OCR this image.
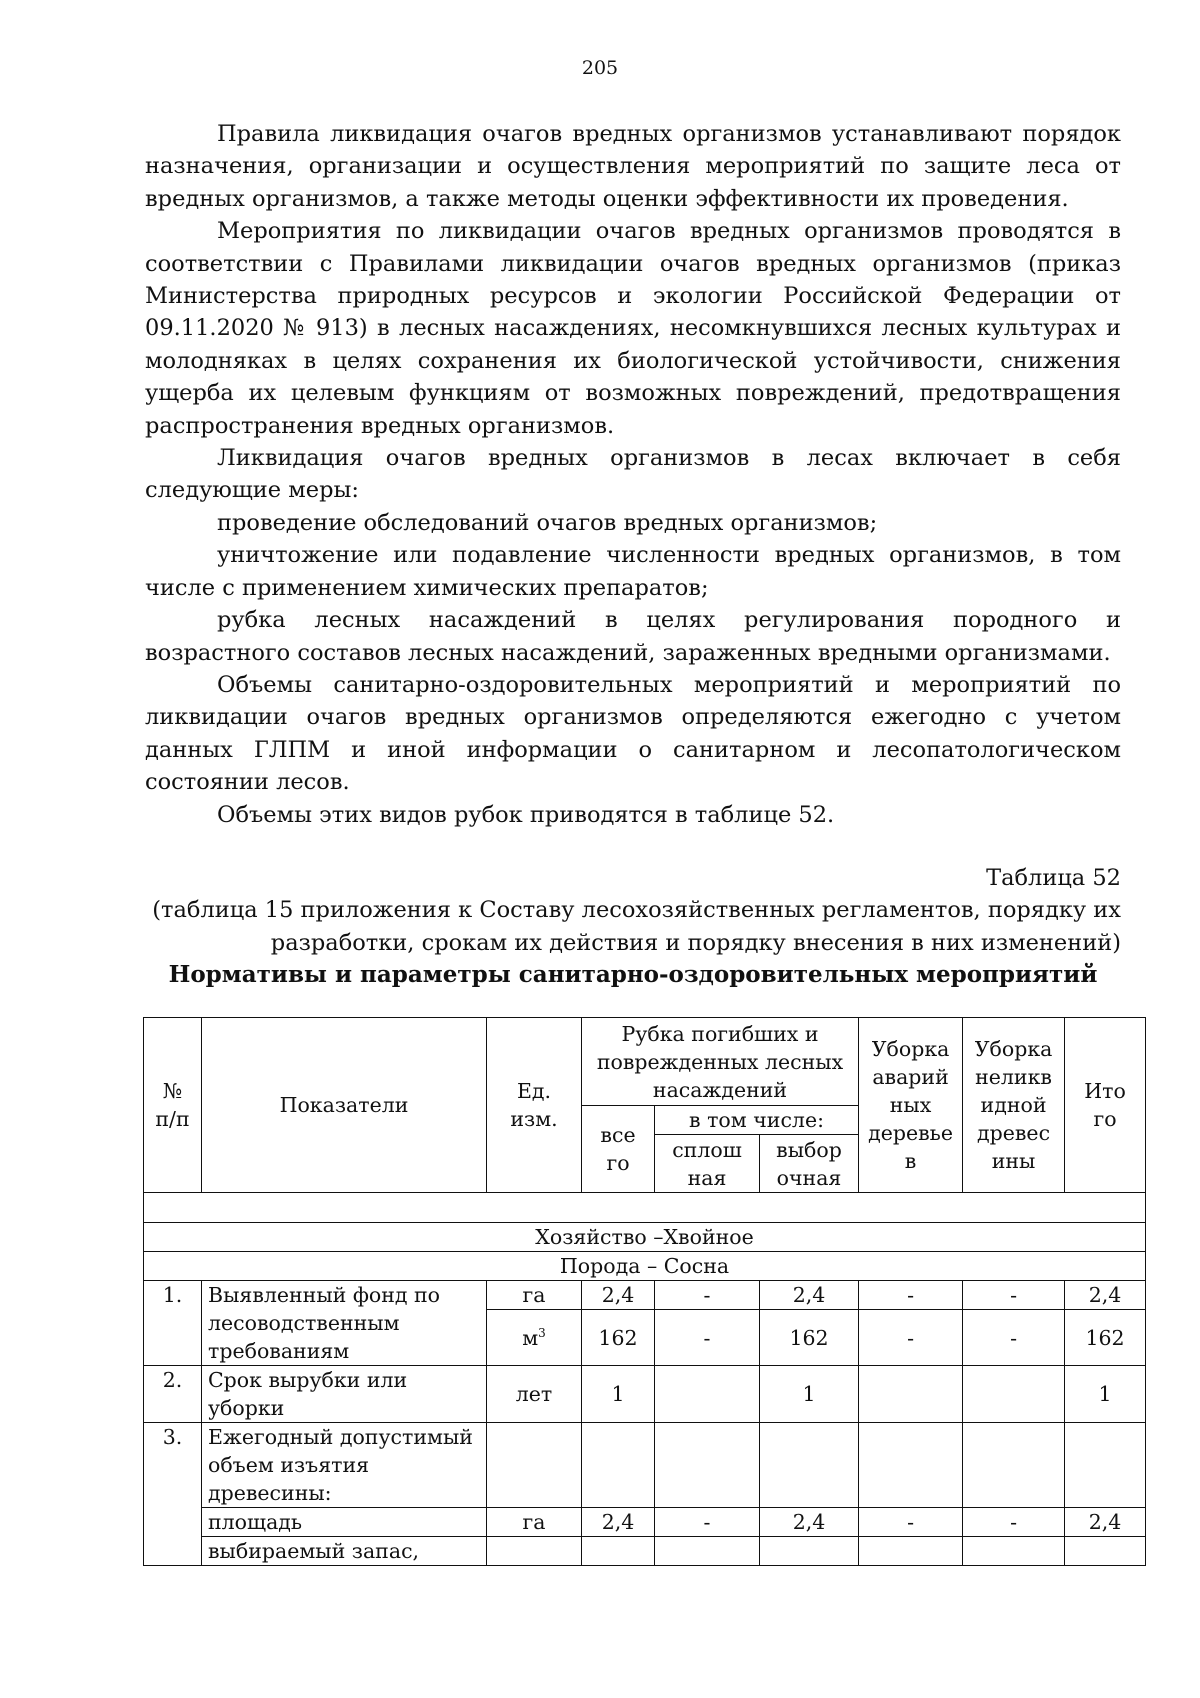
205

Правила ликвидация очагов вредных организмов устанавливают порядок назначения, организации и осуществления мероприятий по защите леса от вредных организмов, а также методы оценки эффективности их проведения.

Мероприятия по ликвидации очагов вредных организмов проводятся в соответствии с Правилами ликвидации очагов вредных организмов (приказ Министерства природных ресурсов и экологии Российской Федерации от 09.11.2020 № 913) в лесных насаждениях, несомкнувшихся лесных культурах и молодняках в целях сохранения их биологической устойчивости, снижения ущерба их целевым функциям от возможных повреждений, предотвращения распространения вредных организмов.

Ликвидация очагов вредных организмов в лесах включает в себя следующие меры:

проведение обследований очагов вредных организмов;

уничтожение или подавление численности вредных организмов, в том числе с применением химических препаратов;

рубка лесных насаждений в целях регулирования породного и возрастного составов лесных насаждений, зараженных вредными организмами.

Объемы санитарно-оздоровительных мероприятий и мероприятий по ликвидации очагов вредных организмов определяются ежегодно с учетом данных ГЛПМ и иной информации о санитарном и лесопатологическом состоянии лесов.

Объемы этих видов рубок приводятся в таблице 52.

Таблица 52
(таблица 15 приложения к Составу лесохозяйственных регламентов, порядку их разработки, срокам их действия и порядку внесения в них изменений)
Нормативы и параметры санитарно-оздоровительных мероприятий
№ п/п	Показатели	Ед. изм.	Рубка погибших и поврежденных лесных насаждений			Уборка аварий ных деревье в	Уборка неликв идной древес ины	Ито го
			все го	в том числе:				
				сплош ная	выбор очная			

Хозяйство –Хвойное								
Порода – Сосна								
1.	Выявленный фонд по лесоводственным требованиям	га	2,4	-	2,4	-	-	2,4
		$м^3$	162	-	162	-	-	162
2.	Срок вырубки или уборки	лет	1		1			1
3.	Ежегодный допустимый объем изъятия древесины:							
	площадь	га	2,4	-	2,4	-	-	2,4
	выбираемый запас,							
